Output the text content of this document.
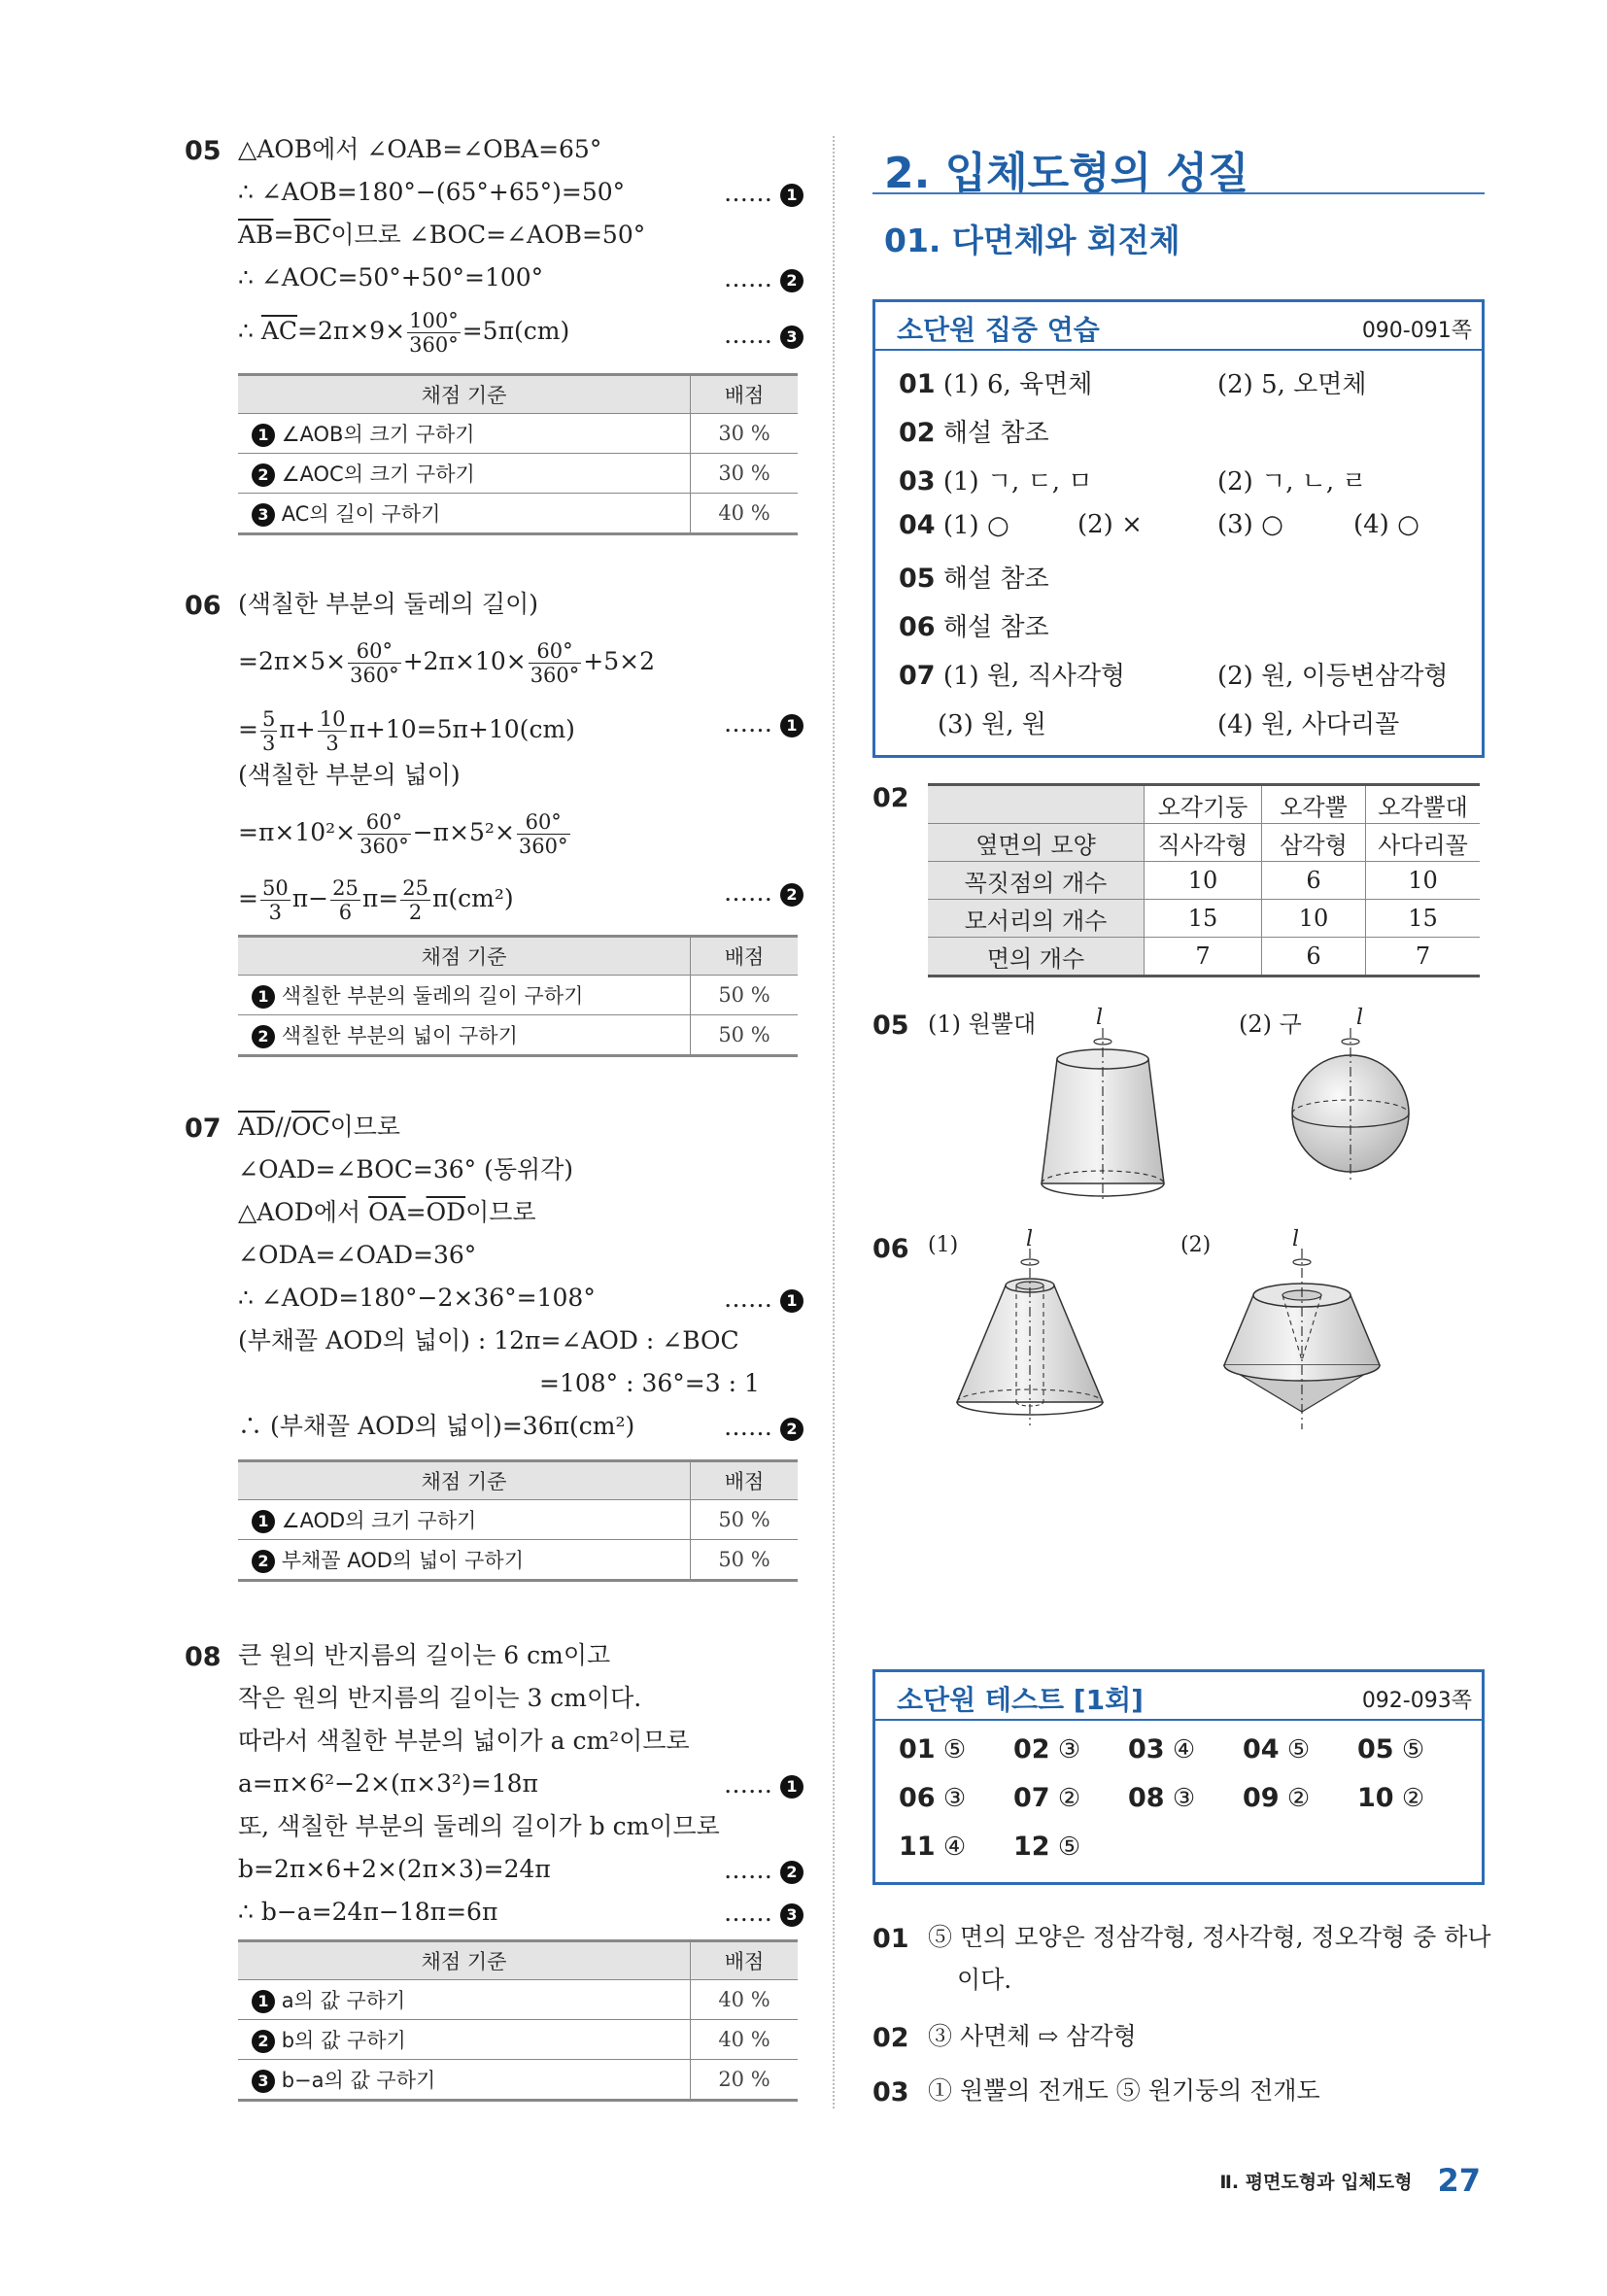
05 △AOB에서 ∠OAB=∠OBA=65°
∴ ∠AOB=180°−(65°+65°)=50°
$\overline{AB}=\overline{BC}$이므로 ∠BOC=∠AOB=50°
∴ ∠AOC=50°+50°=100°
∴ $\overline{AC}=2\pi\times 9\times \frac{100^\circ}{360^\circ} =5\pi(cm)$
…… 1
…… 2
…… 3
채점 기준	배점
1 ∠AOB의 크기 구하기	30 %
2 ∠AOC의 크기 구하기	30 %
3 AC의 길이 구하기	40 %
06 (색칠한 부분의 둘레의 길이)
$=2\pi\times 5\times \frac{60^\circ}{360^\circ} +2\pi\times 10\times \frac{60^\circ}{360^\circ} +5\times 2$
= $\frac{5}{3} \pi+ \frac{10}{3} \pi+10=5\pi+10(cm)$	…… 1
(색칠한 부분의 넓이)
$=\pi\times 10^2\times \frac{60^\circ}{360^\circ} -\pi\times 5^2\times \frac{60^\circ}{360^\circ}$
= $\frac{50}{3} \pi- \frac{25}{6} \pi= \frac{25}{2} \pi(cm^2)$	…… 2
채점 기준	배점
1 색칠한 부분의 둘레의 길이 구하기	50 %
2 색칠한 부분의 넓이 구하기	50 %
07 $\overline{AD}//\overline{OC}$이므로
∠OAD=∠BOC=36° (동위각)
△AOD에서 $\overline{OA}=\overline{OD}$이므로
∠ODA=∠OAD=36°
∴ ∠AOD=180°−2×36°=108°	…… 1
(부채꼴 AOD의 넓이) : 12π=∠AOD : ∠BOC
=108° : 36°=3 : 1
∴ (부채꼴 AOD의 넓이)=36π(cm²)	…… 2
채점 기준	배점
1 ∠AOD의 크기 구하기	50 %
2 부채꼴 AOD의 넓이 구하기	50 %
08 큰 원의 반지름의 길이는 6 cm이고
작은 원의 반지름의 길이는 3 cm이다.
따라서 색칠한 부분의 넓이가 a cm²이므로
a=π×6²−2×(π×3²)=18π	…… 1
또, 색칠한 부분의 둘레의 길이가 b cm이므로
b=2π×6+2×(2π×3)=24π	…… 2
∴ b−a=24π−18π=6π	…… 3
채점 기준	배점
1 a의 값 구하기	40 %
2 b의 값 구하기	40 %
3 b−a의 값 구하기	20 %
2. 입체도형의 성질
01. 다면체와 회전체
소단원 집중 연습	090-091쪽
01 (1) 6, 육면체	(2) 5, 오면체
02 해설 참조
03 (1) ㄱ, ㄷ, ㅁ	(2) ㄱ, ㄴ, ㄹ
04 (1) ○	(2) ×	(3) ○	(4) ○
05 해설 참조
06 해설 참조
07 (1) 원, 직사각형	(2) 원, 이등변삼각형
(3) 원, 원	(4) 원, 사다리꼴
02
		오각기둥	오각뿔	오각뿔대
옆면의 모양	직사각형	삼각형	사다리꼴
꼭짓점의 개수	10	6	10
모서리의 개수	15	10	15
면의 개수	7	6	7
05 (1) 원뿔대	(2) 구
l	l
06 (1)	(2)
l	l
소단원 테스트 [1회]	092-093쪽
01 ⑤ 02 ③ 03 ④ 04 ⑤ 05 ⑤
06 ③ 07 ② 08 ③ 09 ② 10 ②
11 ④ 12 ⑤
01 ⑤ 면의 모양은 정삼각형, 정사각형, 정오각형 중 하나
이다.
02 ③ 사면체 ⇨ 삼각형
03 ① 원뿔의 전개도 ⑤ 원기둥의 전개도
Ⅱ. 평면도형과 입체도형 27
